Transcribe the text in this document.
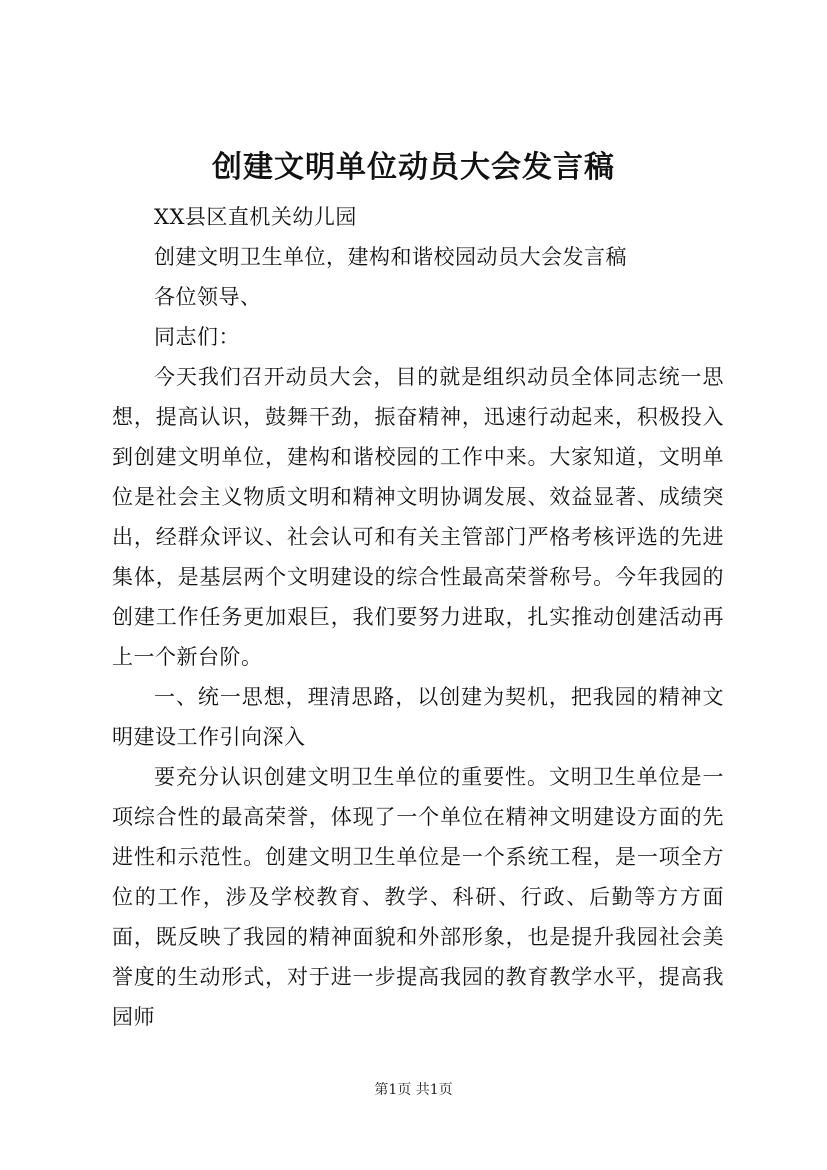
创建文明单位动员大会发言稿

XX县区直机关幼儿园

创建文明卫生单位，建构和谐校园动员大会发言稿

各位领导、

同志们：

今天我们召开动员大会，目的就是组织动员全体同志统一思想，提高认识，鼓舞干劲，振奋精神，迅速行动起来，积极投入到创建文明单位，建构和谐校园的工作中来。大家知道，文明单位是社会主义物质文明和精神文明协调发展、效益显著、成绩突出，经群众评议、社会认可和有关主管部门严格考核评选的先进集体，是基层两个文明建设的综合性最高荣誉称号。今年我园的创建工作任务更加艰巨，我们要努力进取，扎实推动创建活动再上一个新台阶。

一、统一思想，理清思路，以创建为契机，把我园的精神文明建设工作引向深入

要充分认识创建文明卫生单位的重要性。文明卫生单位是一项综合性的最高荣誉，体现了一个单位在精神文明建设方面的先进性和示范性。创建文明卫生单位是一个系统工程，是一项全方位的工作，涉及学校教育、教学、科研、行政、后勤等方方面面，既反映了我园的精神面貌和外部形象，也是提升我园社会美誉度的生动形式，对于进一步提高我园的教育教学水平，提高我园师

第1页 共1页
